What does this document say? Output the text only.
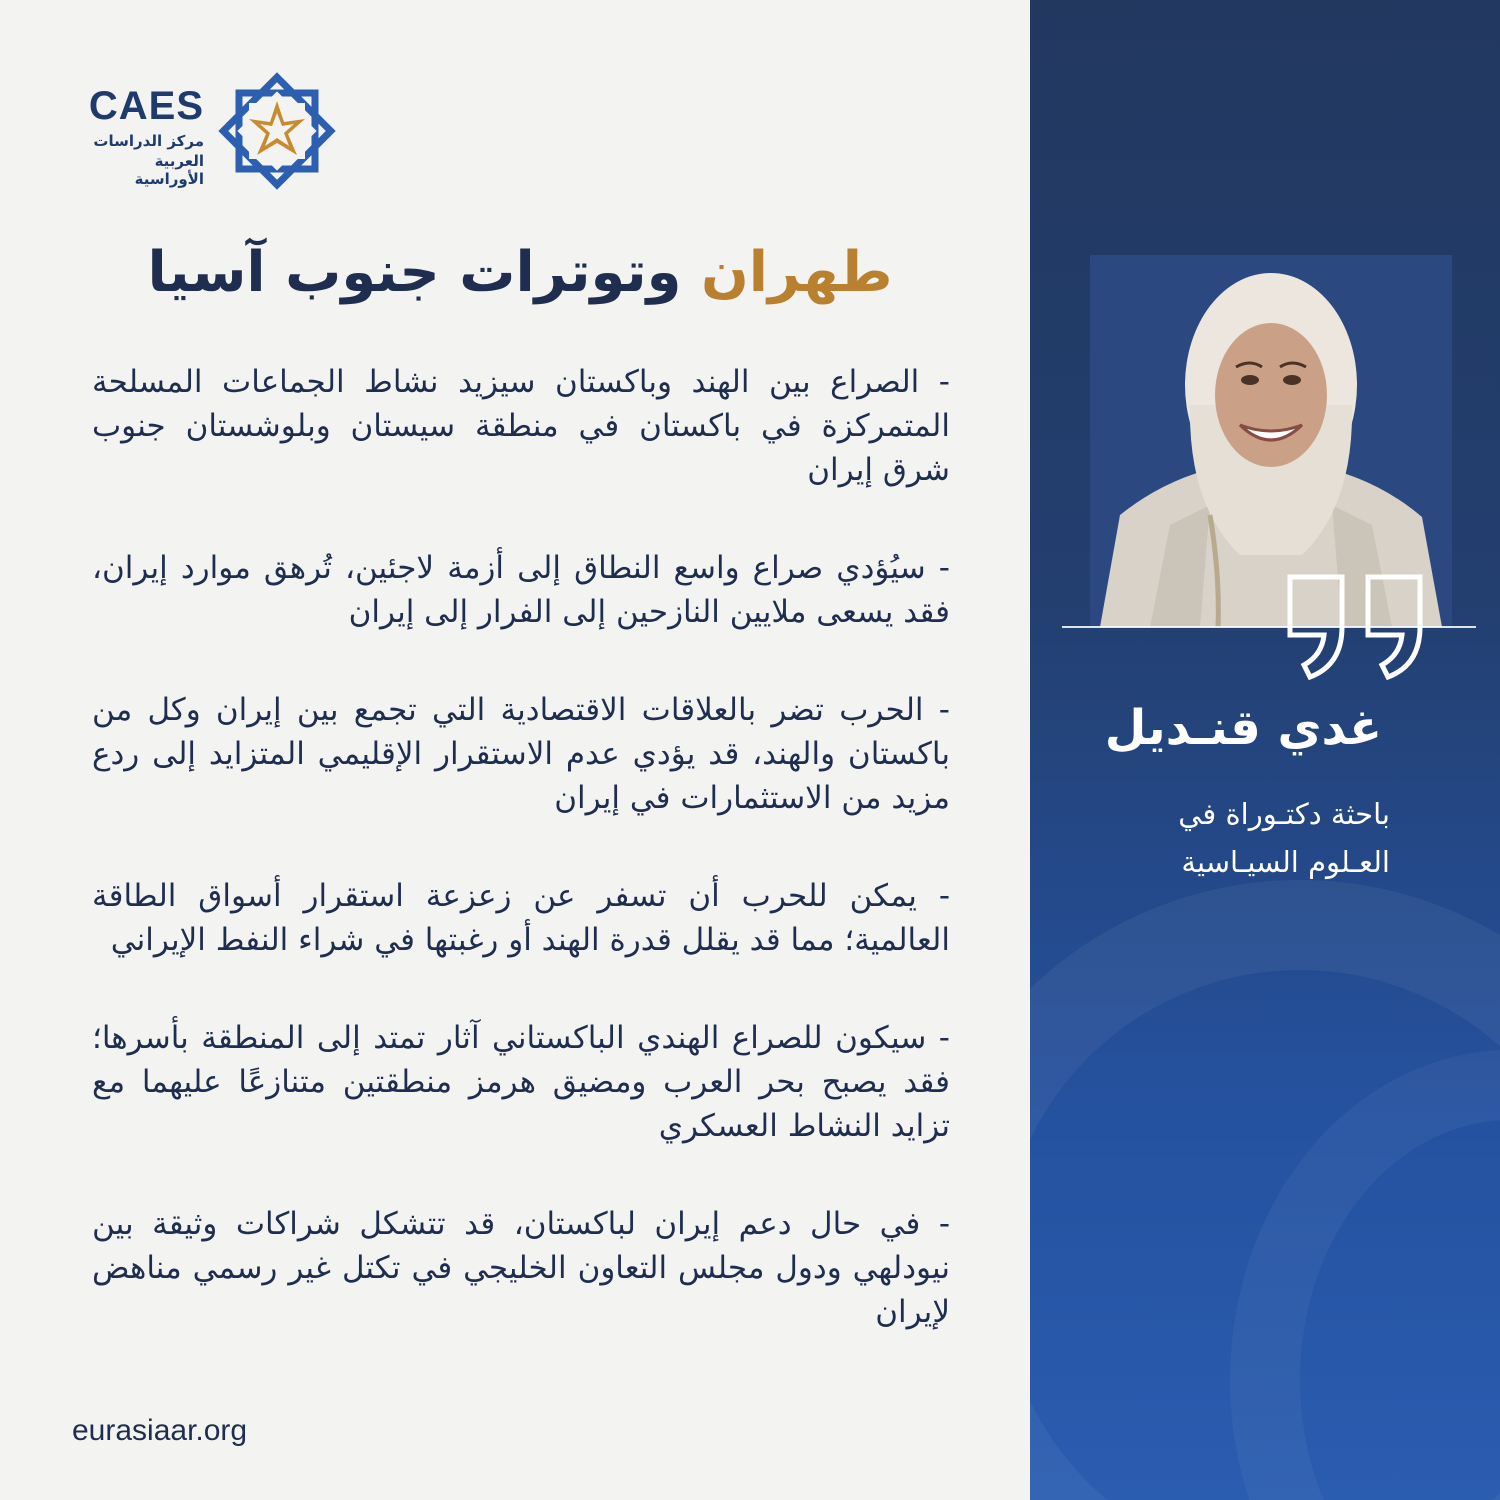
CAES
مركز الدراسات
العربية الأوراسية
طهران وتوترات جنوب آسيا

- الصراع بين الهند وباكستان سيزيد نشاط الجماعات المسلحة المتمركزة في باكستان في منطقة سيستان وبلوشستان جنوب شرق إيران

- سيُؤدي صراع واسع النطاق إلى أزمة لاجئين، تُرهق موارد إيران، فقد يسعى ملايين النازحين إلى الفرار إلى إيران

- الحرب تضر بالعلاقات الاقتصادية التي تجمع بين إيران وكل من باكستان والهند، قد يؤدي عدم الاستقرار الإقليمي المتزايد إلى ردع مزيد من الاستثمارات في إيران

- يمكن للحرب أن تسفر عن زعزعة استقرار أسواق الطاقة العالمية؛ مما قد يقلل قدرة الهند أو رغبتها في شراء النفط الإيراني

- سيكون للصراع الهندي الباكستاني آثار تمتد إلى المنطقة بأسرها؛ فقد يصبح بحر العرب ومضيق هرمز منطقتين متنازعًا عليهما مع تزايد النشاط العسكري

- في حال دعم إيران لباكستان، قد تتشكل شراكات وثيقة بين نيودلهي ودول مجلس التعاون الخليجي في تكتل غير رسمي مناهض لإيران

eurasiaar.org
غدي قنـديل
باحثة دكتـوراة في
العـلوم السيـاسية
